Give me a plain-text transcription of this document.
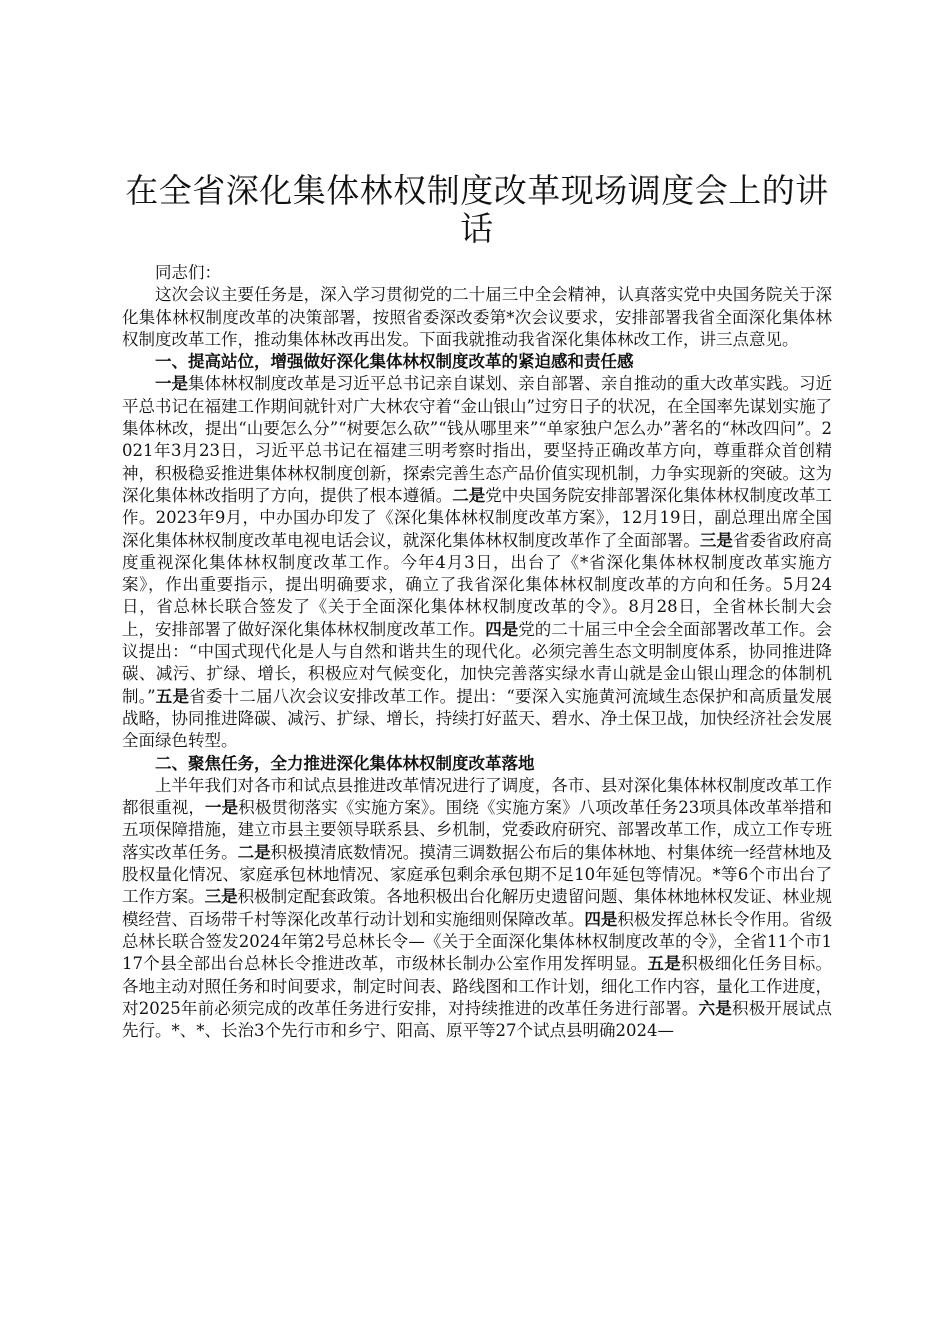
在全省深化集体林权制度改革现场调度会上的讲话

同志们：

这次会议主要任务是，深入学习贯彻党的二十届三中全会精神，认真落实党中央国务院关于深化集体林权制度改革的决策部署，按照省委深改委第*次会议要求，安排部署我省全面深化集体林权制度改革工作，推动集体林改再出发。下面我就推动我省深化集体林改工作，讲三点意见。

一、提高站位，增强做好深化集体林权制度改革的紧迫感和责任感

一是集体林权制度改革是习近平总书记亲自谋划、亲自部署、亲自推动的重大改革实践。习近平总书记在福建工作期间就针对广大林农守着“金山银山”过穷日子的状况，在全国率先谋划实施了集体林改，提出“山要怎么分”“树要怎么砍”“钱从哪里来”“单家独户怎么办”著名的“林改四问”。2021年3月23日，习近平总书记在福建三明考察时指出，要坚持正确改革方向，尊重群众首创精神，积极稳妥推进集体林权制度创新，探索完善生态产品价值实现机制，力争实现新的突破。这为深化集体林改指明了方向，提供了根本遵循。二是党中央国务院安排部署深化集体林权制度改革工作。2023年9月，中办国办印发了《深化集体林权制度改革方案》，12月19日，副总理出席全国深化集体林权制度改革电视电话会议，就深化集体林权制度改革作了全面部署。三是省委省政府高度重视深化集体林权制度改革工作。今年4月3日，出台了《*省深化集体林权制度改革实施方案》，作出重要指示，提出明确要求，确立了我省深化集体林权制度改革的方向和任务。5月24日，省总林长联合签发了《关于全面深化集体林权制度改革的令》。8月28日，全省林长制大会上，安排部署了做好深化集体林权制度改革工作。四是党的二十届三中全会全面部署改革工作。会议提出：“中国式现代化是人与自然和谐共生的现代化。必须完善生态文明制度体系，协同推进降碳、减污、扩绿、增长，积极应对气候变化，加快完善落实绿水青山就是金山银山理念的体制机制。”五是省委十二届八次会议安排改革工作。提出：“要深入实施黄河流域生态保护和高质量发展战略，协同推进降碳、减污、扩绿、增长，持续打好蓝天、碧水、净土保卫战，加快经济社会发展全面绿色转型。

二、聚焦任务，全力推进深化集体林权制度改革落地

上半年我们对各市和试点县推进改革情况进行了调度，各市、县对深化集体林权制度改革工作都很重视，一是积极贯彻落实《实施方案》。围绕《实施方案》八项改革任务23项具体改革举措和五项保障措施，建立市县主要领导联系县、乡机制，党委政府研究、部署改革工作，成立工作专班落实改革任务。二是积极摸清底数情况。摸清三调数据公布后的集体林地、村集体统一经营林地及股权量化情况、家庭承包林地情况、家庭承包剩余承包期不足10年延包等情况。*等6个市出台了工作方案。三是积极制定配套政策。各地积极出台化解历史遗留问题、集体林地林权发证、林业规模经营、百场带千村等深化改革行动计划和实施细则保障改革。四是积极发挥总林长令作用。省级总林长联合签发2024年第2号总林长令—《关于全面深化集体林权制度改革的令》，全省11个市117个县全部出台总林长令推进改革，市级林长制办公室作用发挥明显。五是积极细化任务目标。各地主动对照任务和时间要求，制定时间表、路线图和工作计划，细化工作内容，量化工作进度，对2025年前必须完成的改革任务进行安排，对持续推进的改革任务进行部署。六是积极开展试点先行。*、*、长治3个先行市和乡宁、阳高、原平等27个试点县明确2024—
